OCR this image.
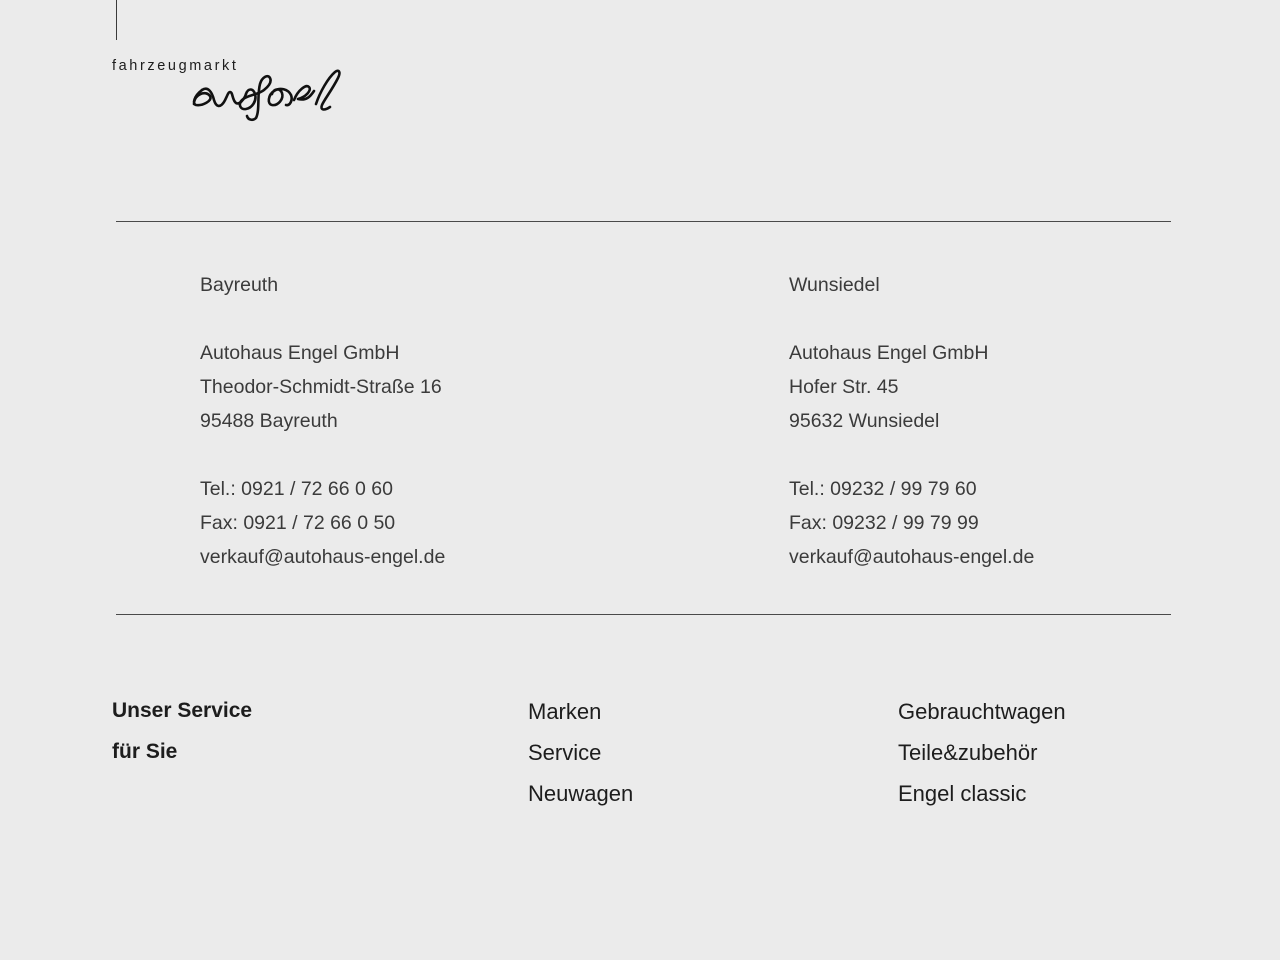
fahrzeugmarkt
Bayreuth
Autohaus Engel GmbH
Theodor-Schmidt-Straße 16
95488 Bayreuth
Tel.: 0921 / 72 66 0 60
Fax: 0921 / 72 66 0 50
verkauf@autohaus-engel.de
Wunsiedel
Autohaus Engel GmbH
Hofer Str. 45
95632 Wunsiedel
Tel.: 09232 / 99 79 60
Fax: 09232 / 99 79 99
verkauf@autohaus-engel.de
Unser Service
für Sie
Marken
Service
Neuwagen
Gebrauchtwagen
Teile&zubehör
Engel classic
